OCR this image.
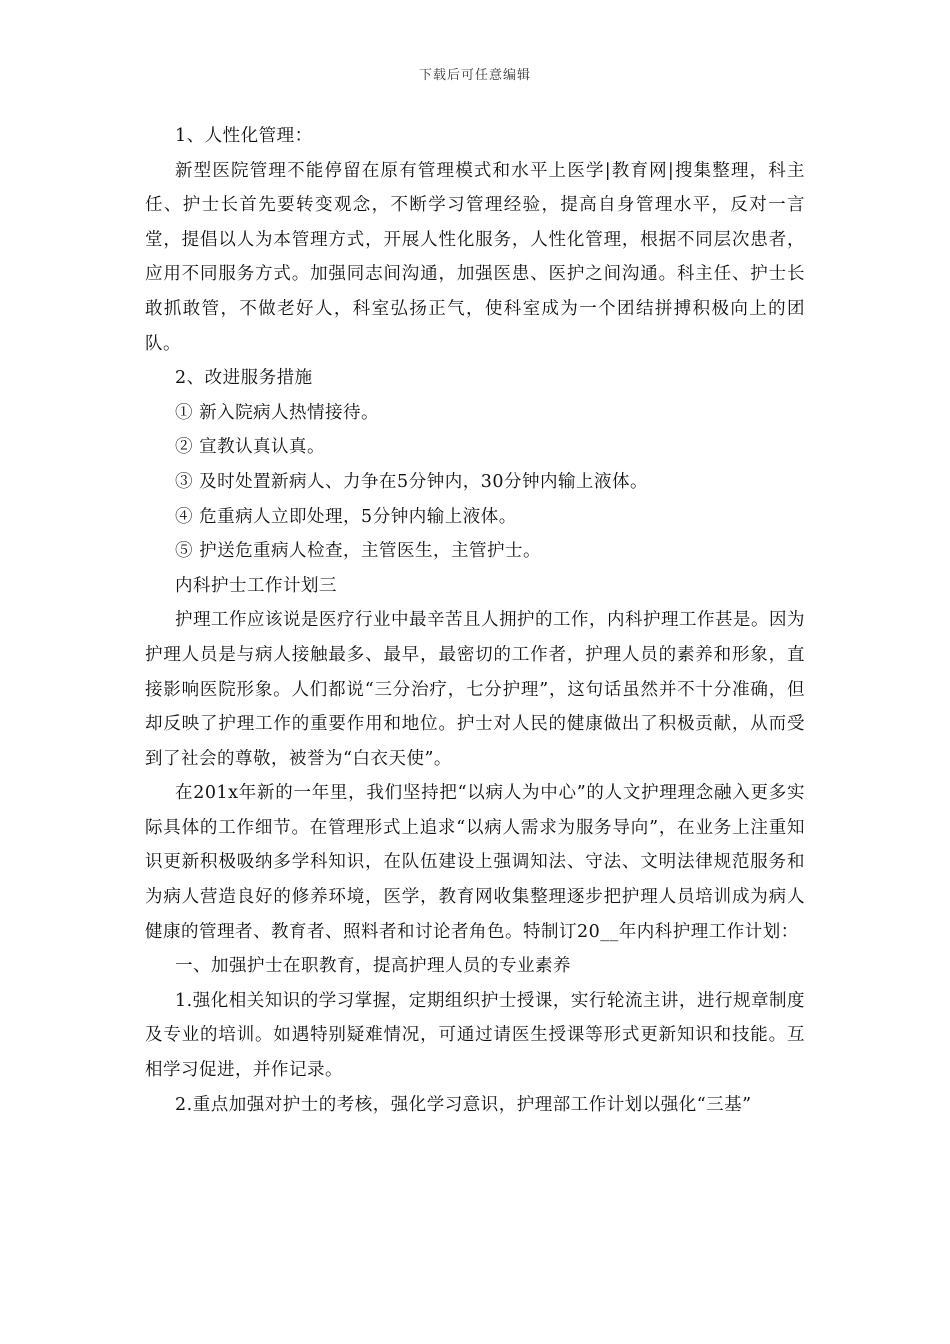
下载后可任意编辑

1、人性化管理：

新型医院管理不能停留在原有管理模式和水平上医学|教育网|搜集整理，科主任、护士长首先要转变观念，不断学习管理经验，提高自身管理水平，反对一言堂，提倡以人为本管理方式，开展人性化服务，人性化管理，根据不同层次患者，应用不同服务方式。加强同志间沟通，加强医患、医护之间沟通。科主任、护士长敢抓敢管，不做老好人，科室弘扬正气，使科室成为一个团结拼搏积极向上的团队。

2、改进服务措施

① 新入院病人热情接待。

② 宣教认真认真。

③ 及时处置新病人、力争在5分钟内，30分钟内输上液体。

④ 危重病人立即处理，5分钟内输上液体。

⑤ 护送危重病人检查，主管医生，主管护士。

内科护士工作计划三

护理工作应该说是医疗行业中最辛苦且人拥护的工作，内科护理工作甚是。因为护理人员是与病人接触最多、最早，最密切的工作者，护理人员的素养和形象，直接影响医院形象。人们都说“三分治疗，七分护理”，这句话虽然并不十分准确，但却反映了护理工作的重要作用和地位。护士对人民的健康做出了积极贡献，从而受到了社会的尊敬，被誉为“白衣天使”。

在201x年新的一年里，我们坚持把“以病人为中心”的人文护理理念融入更多实际具体的工作细节。在管理形式上追求“以病人需求为服务导向”，在业务上注重知识更新积极吸纳多学科知识，在队伍建设上强调知法、守法、文明法律规范服务和为病人营造良好的修养环境，医学，教育网收集整理逐步把护理人员培训成为病人健康的管理者、教育者、照料者和讨论者角色。特制订20__年内科护理工作计划：

一、加强护士在职教育，提高护理人员的专业素养

1.强化相关知识的学习掌握，定期组织护士授课，实行轮流主讲，进行规章制度及专业的培训。如遇特别疑难情况，可通过请医生授课等形式更新知识和技能。互相学习促进，并作记录。

2.重点加强对护士的考核，强化学习意识，护理部工作计划以强化“三基”
